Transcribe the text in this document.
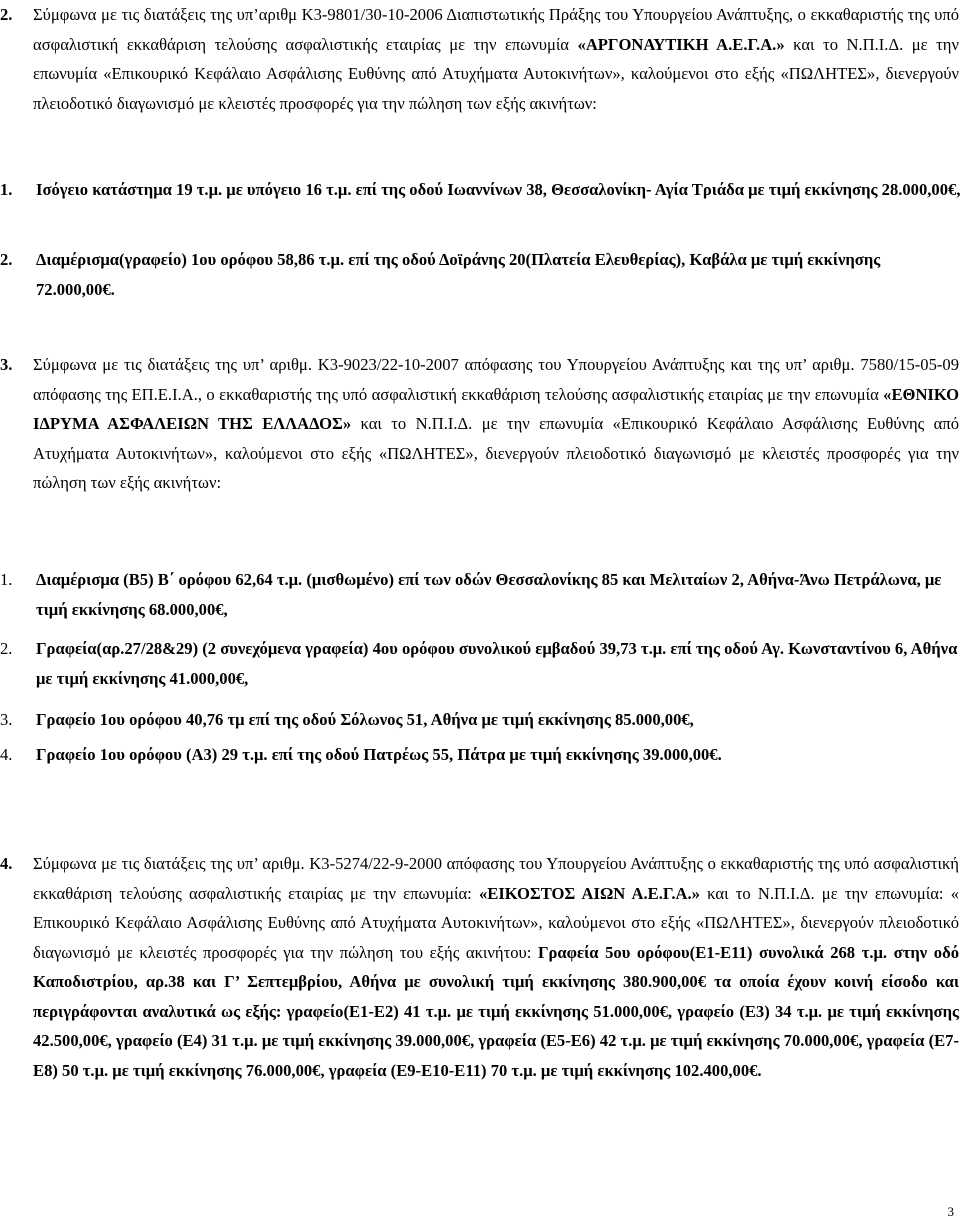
2. Σύμφωνα με τις διατάξεις της υπ’αριθμ Κ3-9801/30-10-2006 Διαπιστωτικής Πράξης του Υπουργείου Ανάπτυξης, ο εκκαθαριστής της υπό ασφαλιστική εκκαθάριση τελούσης ασφαλιστικής εταιρίας με την επωνυμία «ΑΡΓΟΝΑΥΤΙΚΗ Α.Ε.Γ.Α.» και το Ν.Π.Ι.Δ. με την επωνυμία «Επικουρικό Κεφάλαιο Ασφάλισης Ευθύνης από Ατυχήματα Αυτοκινήτων», καλούμενοι στο εξής «ΠΩΛΗΤΕΣ», διενεργούν πλειοδοτικό διαγωνισμό με κλειστές προσφορές για την πώληση των εξής ακινήτων:

1. Ισόγειο κατάστημα 19 τ.μ. με υπόγειο 16 τ.μ. επί της οδού Ιωαννίνων 38, Θεσσαλονίκη- Αγία Τριάδα με τιμή εκκίνησης 28.000,00€,

2. Διαμέρισμα(γραφείο) 1ου ορόφου 58,86 τ.μ. επί της οδού Δοϊράνης 20(Πλατεία Ελευθερίας), Καβάλα με τιμή εκκίνησης 72.000,00€.

3. Σύμφωνα με τις διατάξεις της υπ’ αριθμ. Κ3-9023/22-10-2007 απόφασης του Υπουργείου Ανάπτυξης και της υπ’ αριθμ. 7580/15-05-09 απόφασης της ΕΠ.Ε.Ι.Α., ο εκκαθαριστής της υπό ασφαλιστική εκκαθάριση τελούσης ασφαλιστικής εταιρίας με την επωνυμία «ΕΘΝΙΚΟ ΙΔΡΥΜΑ ΑΣΦΑΛΕΙΩΝ ΤΗΣ ΕΛΛΑΔΟΣ» και το Ν.Π.Ι.Δ. με την επωνυμία «Επικουρικό Κεφάλαιο Ασφάλισης Ευθύνης από Ατυχήματα Αυτοκινήτων», καλούμενοι στο εξής «ΠΩΛΗΤΕΣ», διενεργούν πλειοδοτικό διαγωνισμό με κλειστές προσφορές για την πώληση των εξής ακινήτων:

1. Διαμέρισμα (Β5) Β΄ ορόφου 62,64 τ.μ. (μισθωμένο) επί των οδών Θεσσαλονίκης 85 και Μελιταίων 2, Αθήνα-Άνω Πετράλωνα, με τιμή εκκίνησης 68.000,00€,

2. Γραφεία(αρ.27/28&29) (2 συνεχόμενα γραφεία) 4ου ορόφου συνολικού εμβαδού 39,73 τ.μ. επί της οδού Αγ. Κωνσταντίνου 6, Αθήνα με τιμή εκκίνησης 41.000,00€,

3. Γραφείο 1ου ορόφου 40,76 τμ επί της οδού Σόλωνος 51, Αθήνα με τιμή εκκίνησης 85.000,00€,

4. Γραφείο 1ου ορόφου (Α3) 29 τ.μ. επί της οδού Πατρέως 55, Πάτρα με τιμή εκκίνησης 39.000,00€.

4. Σύμφωνα με τις διατάξεις της υπ’ αριθμ. Κ3-5274/22-9-2000 απόφασης του Υπουργείου Ανάπτυξης ο εκκαθαριστής της υπό ασφαλιστική εκκαθάριση τελούσης ασφαλιστικής εταιρίας με την επωνυμία: «ΕΙΚΟΣΤΟΣ ΑΙΩΝ Α.Ε.Γ.Α.» και το Ν.Π.Ι.Δ. με την επωνυμία: « Επικουρικό Κεφάλαιο Ασφάλισης Ευθύνης από Ατυχήματα Αυτοκινήτων», καλούμενοι στο εξής «ΠΩΛΗΤΕΣ», διενεργούν πλειοδοτικό διαγωνισμό με κλειστές προσφορές για την πώληση του εξής ακινήτου: Γραφεία 5ου ορόφου(Ε1-Ε11) συνολικά 268 τ.μ. στην οδό Καποδιστρίου, αρ.38 και Γ’ Σεπτεμβρίου, Αθήνα με συνολική τιμή εκκίνησης 380.900,00€ τα οποία έχουν κοινή είσοδο και περιγράφονται αναλυτικά ως εξής: γραφείο(Ε1-Ε2) 41 τ.μ. με τιμή εκκίνησης 51.000,00€, γραφείο (Ε3) 34 τ.μ. με τιμή εκκίνησης 42.500,00€, γραφείο (Ε4) 31 τ.μ. με τιμή εκκίνησης 39.000,00€, γραφεία (Ε5-Ε6) 42 τ.μ. με τιμή εκκίνησης 70.000,00€, γραφεία (Ε7-Ε8) 50 τ.μ. με τιμή εκκίνησης 76.000,00€, γραφεία (Ε9-Ε10-Ε11) 70 τ.μ. με τιμή εκκίνησης 102.400,00€.

3
